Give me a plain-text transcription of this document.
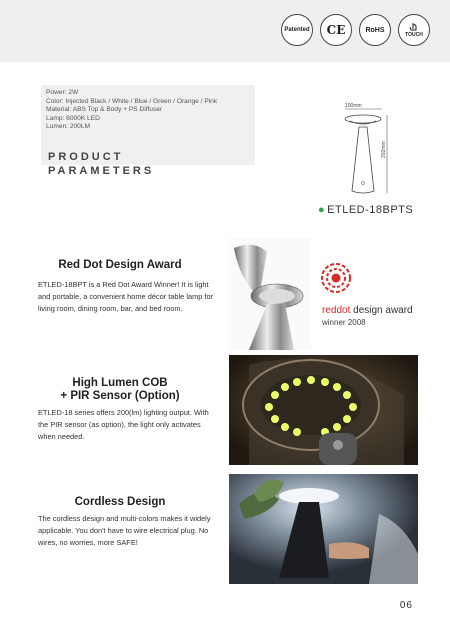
Patented	CE	RoHS
TOUCH
Power: 2W
Color: Injected Black / White / Blue / Green / Orange / Pink
Material: ABS Top & Body + PS Diffuser
Lamp: 6000K LED
Lumen: 200LM
PRODUCT
PARAMETERS
100mm
202mm
● ETLED-18BPTS
Red Dot Design Award
ETLED-18BPT is a Red Dot Award Winner! It is light and portable, a convenient home décor table lamp for living room, dining room, bar, and bed room.	reddot design award
winner 2008
High Lumen COB
+ PIR Sensor (Option)
ETLED-18 series offers 200(lm) lighting output. With the PIR sensor (as option), the light only activates when needed.
Cordless Design
The cordless design and multi-colors makes it widely applicable. You don't have to wire electrical plug. No wires, no worries, more SAFE!
06
